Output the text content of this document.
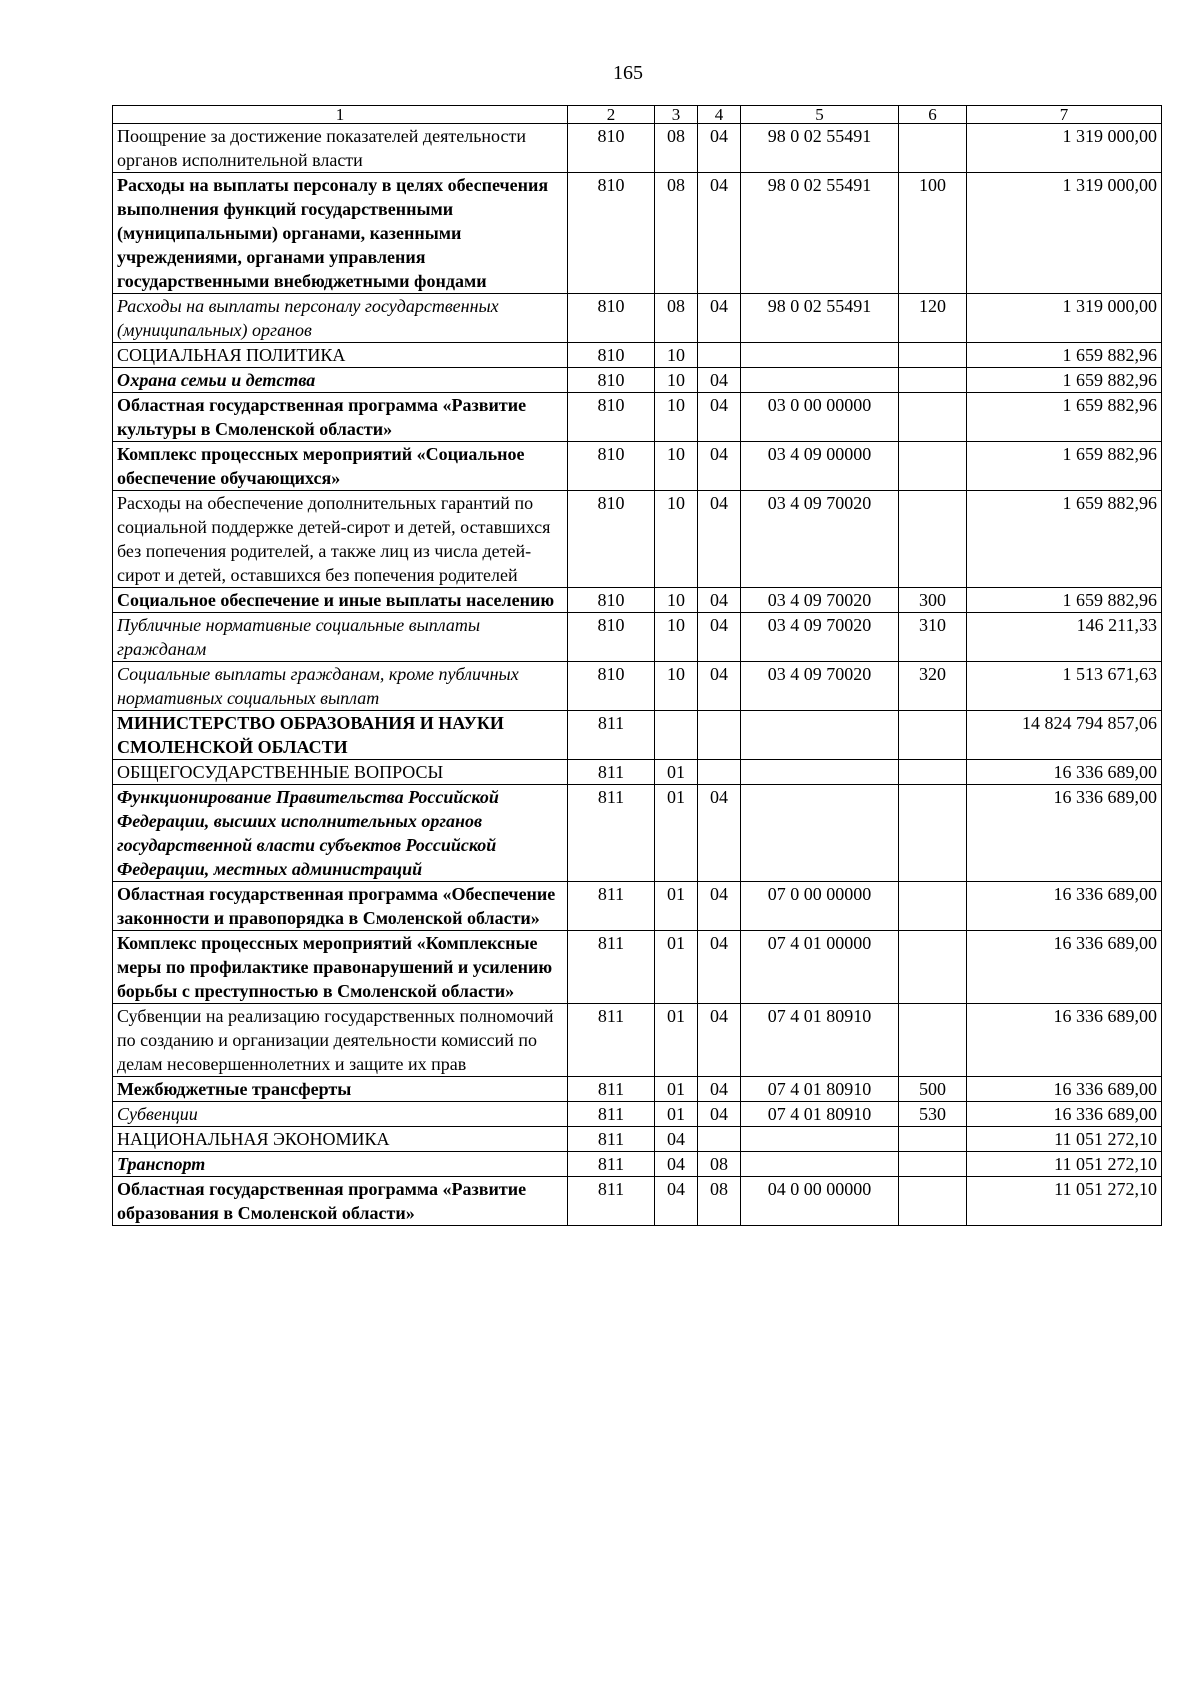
165
1	2	3	4	5	6	7
Поощрение за достижение показателей деятельности органов исполнительной власти	810	08	04	98 0 02 55491		1 319 000,00
Расходы на выплаты персоналу в целях обеспечения выполнения функций государственными (муниципальными) органами, казенными учреждениями, органами управления государственными внебюджетными фондами	810	08	04	98 0 02 55491	100	1 319 000,00
Расходы на выплаты персоналу государственных (муниципальных) органов	810	08	04	98 0 02 55491	120	1 319 000,00
СОЦИАЛЬНАЯ ПОЛИТИКА	810	10				1 659 882,96
Охрана семьи и детства	810	10	04			1 659 882,96
Областная государственная программа «Развитие культуры в Смоленской области»	810	10	04	03 0 00 00000		1 659 882,96
Комплекс процессных мероприятий «Социальное обеспечение обучающихся»	810	10	04	03 4 09 00000		1 659 882,96
Расходы на обеспечение дополнительных гарантий по социальной поддержке детей-сирот и детей, оставшихся без попечения родителей, а также лиц из числа детей-сирот и детей, оставшихся без попечения родителей	810	10	04	03 4 09 70020		1 659 882,96
Социальное обеспечение и иные выплаты населению	810	10	04	03 4 09 70020	300	1 659 882,96
Публичные нормативные социальные выплаты гражданам	810	10	04	03 4 09 70020	310	146 211,33
Социальные выплаты гражданам, кроме публичных нормативных социальных выплат	810	10	04	03 4 09 70020	320	1 513 671,63
МИНИСТЕРСТВО ОБРАЗОВАНИЯ И НАУКИ СМОЛЕНСКОЙ ОБЛАСТИ	811					14 824 794 857,06
ОБЩЕГОСУДАРСТВЕННЫЕ ВОПРОСЫ	811	01				16 336 689,00
Функционирование Правительства Российской Федерации, высших исполнительных органов государственной власти субъектов Российской Федерации, местных администраций	811	01	04			16 336 689,00
Областная государственная программа «Обеспечение законности и правопорядка в Смоленской области»	811	01	04	07 0 00 00000		16 336 689,00
Комплекс процессных мероприятий «Комплексные меры по профилактике правонарушений и усилению борьбы с преступностью в Смоленской области»	811	01	04	07 4 01 00000		16 336 689,00
Субвенции на реализацию государственных полномочий по созданию и организации деятельности комиссий по делам несовершеннолетних и защите их прав	811	01	04	07 4 01 80910		16 336 689,00
Межбюджетные трансферты	811	01	04	07 4 01 80910	500	16 336 689,00
Субвенции	811	01	04	07 4 01 80910	530	16 336 689,00
НАЦИОНАЛЬНАЯ ЭКОНОМИКА	811	04				11 051 272,10
Транспорт	811	04	08			11 051 272,10
Областная государственная программа «Развитие образования в Смоленской области»	811	04	08	04 0 00 00000		11 051 272,10
